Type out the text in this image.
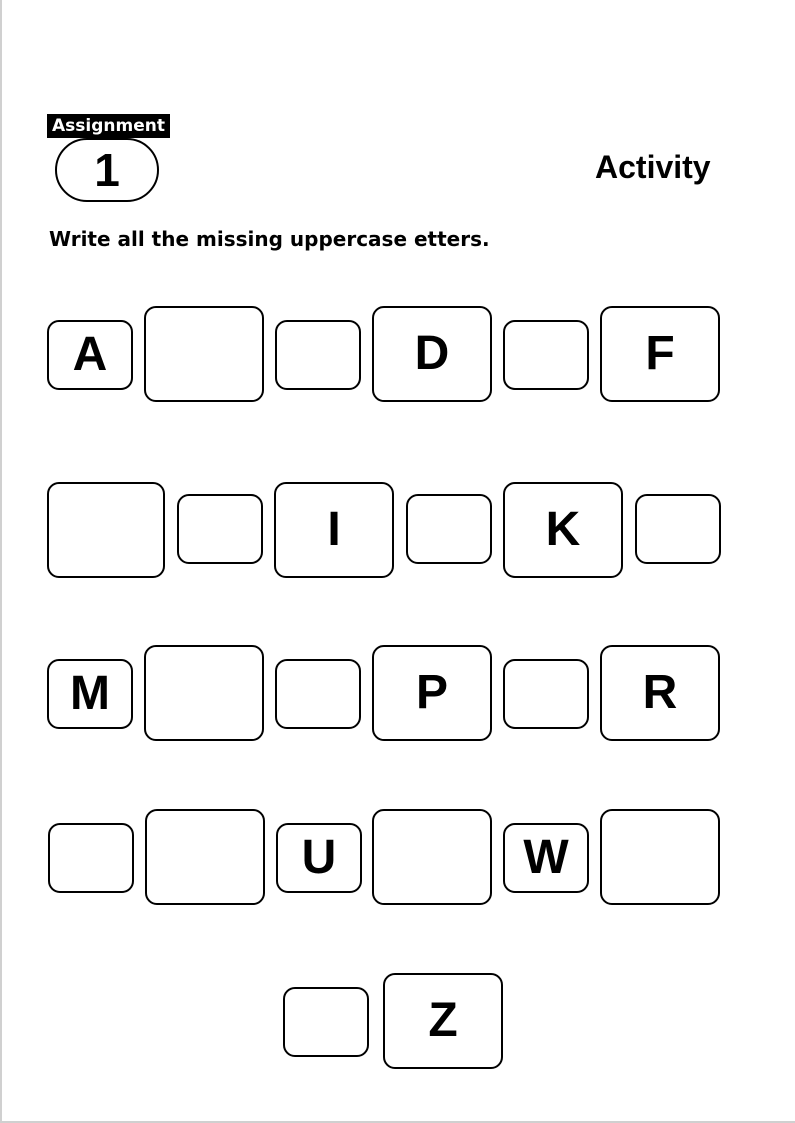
Assignment
1	Activity
Write all the missing uppercase etters.
A	D	F
I	K
M	P	R
U	W
Z
